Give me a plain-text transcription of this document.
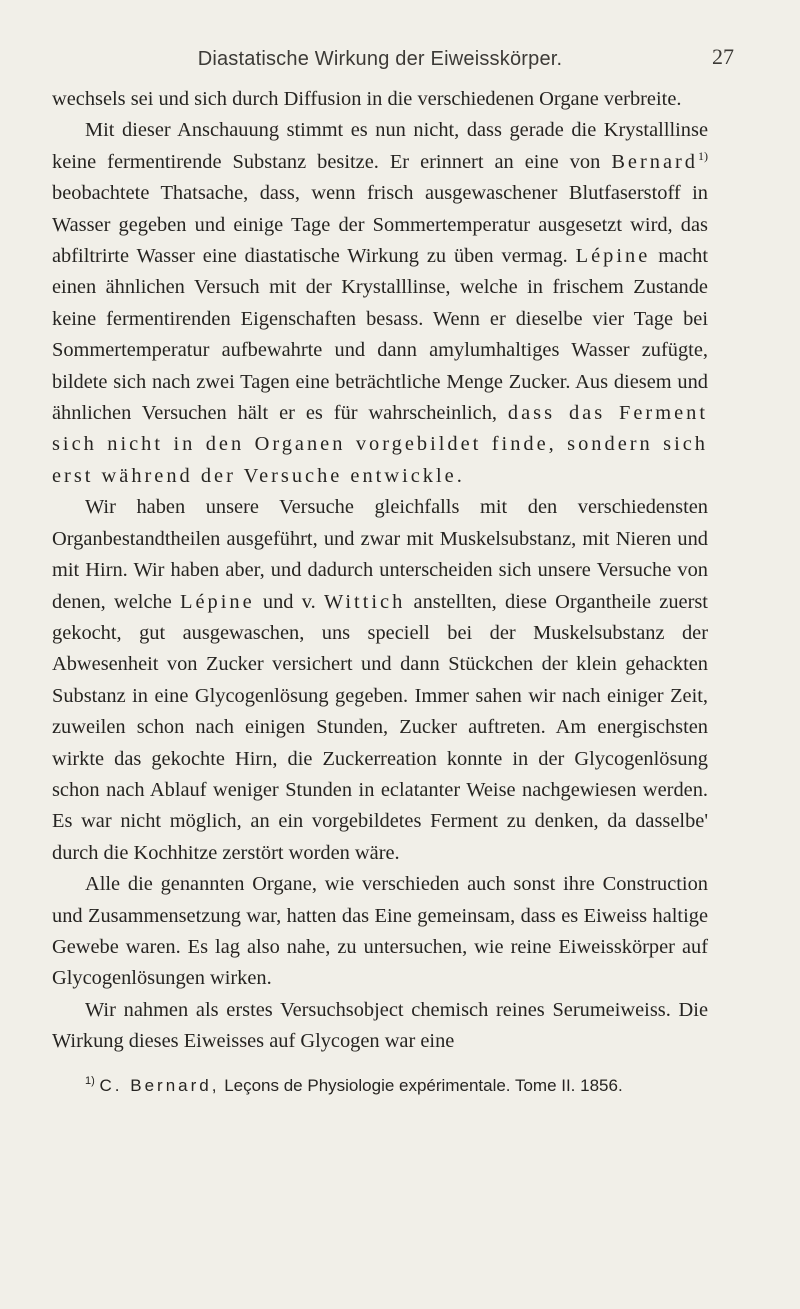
Diastatische Wirkung der Eiweisskörper.	27

wechsels sei und sich durch Diffusion in die verschiedenen Organe verbreite.

Mit dieser Anschauung stimmt es nun nicht, dass gerade die Krystalllinse keine fermentirende Substanz besitze. Er erinnert an eine von Bernard$^{1)}$ beobachtete Thatsache, dass, wenn frisch ausgewaschener Blutfaserstoff in Wasser gegeben und einige Tage der Sommertemperatur ausgesetzt wird, das abfiltrirte Wasser eine diastatische Wirkung zu üben vermag. Lépine macht einen ähnlichen Versuch mit der Krystalllinse, welche in frischem Zustande keine fermentirenden Eigenschaften besass. Wenn er dieselbe vier Tage bei Sommertemperatur aufbewahrte und dann amylumhaltiges Wasser zufügte, bildete sich nach zwei Tagen eine beträchtliche Menge Zucker. Aus diesem und ähnlichen Versuchen hält er es für wahrscheinlich, dass das Ferment sich nicht in den Organen vorgebildet finde, sondern sich erst während der Versuche entwickle.

Wir haben unsere Versuche gleichfalls mit den verschiedensten Organbestandtheilen ausgeführt, und zwar mit Muskelsubstanz, mit Nieren und mit Hirn. Wir haben aber, und dadurch unterscheiden sich unsere Versuche von denen, welche Lépine und v. Wittich anstellten, diese Organtheile zuerst gekocht, gut ausgewaschen, uns speciell bei der Muskelsubstanz der Abwesenheit von Zucker versichert und dann Stückchen der klein gehackten Substanz in eine Glycogenlösung gegeben. Immer sahen wir nach einiger Zeit, zuweilen schon nach einigen Stunden, Zucker auftreten. Am energischsten wirkte das gekochte Hirn, die Zuckerreation konnte in der Glycogenlösung schon nach Ablauf weniger Stunden in eclatanter Weise nachgewiesen werden. Es war nicht möglich, an ein vorgebildetes Ferment zu denken, da dasselbe' durch die Kochhitze zerstört worden wäre.

Alle die genannten Organe, wie verschieden auch sonst ihre Construction und Zusammensetzung war, hatten das Eine gemeinsam, dass es Eiweiss haltige Gewebe waren. Es lag also nahe, zu untersuchen, wie reine Eiweisskörper auf Glycogenlösungen wirken.

Wir nahmen als erstes Versuchsobject chemisch reines Serumeiweiss. Die Wirkung dieses Eiweisses auf Glycogen war eine

$^{1)}$ C. Bernard, Leçons de Physiologie expérimentale. Tome II. 1856.
